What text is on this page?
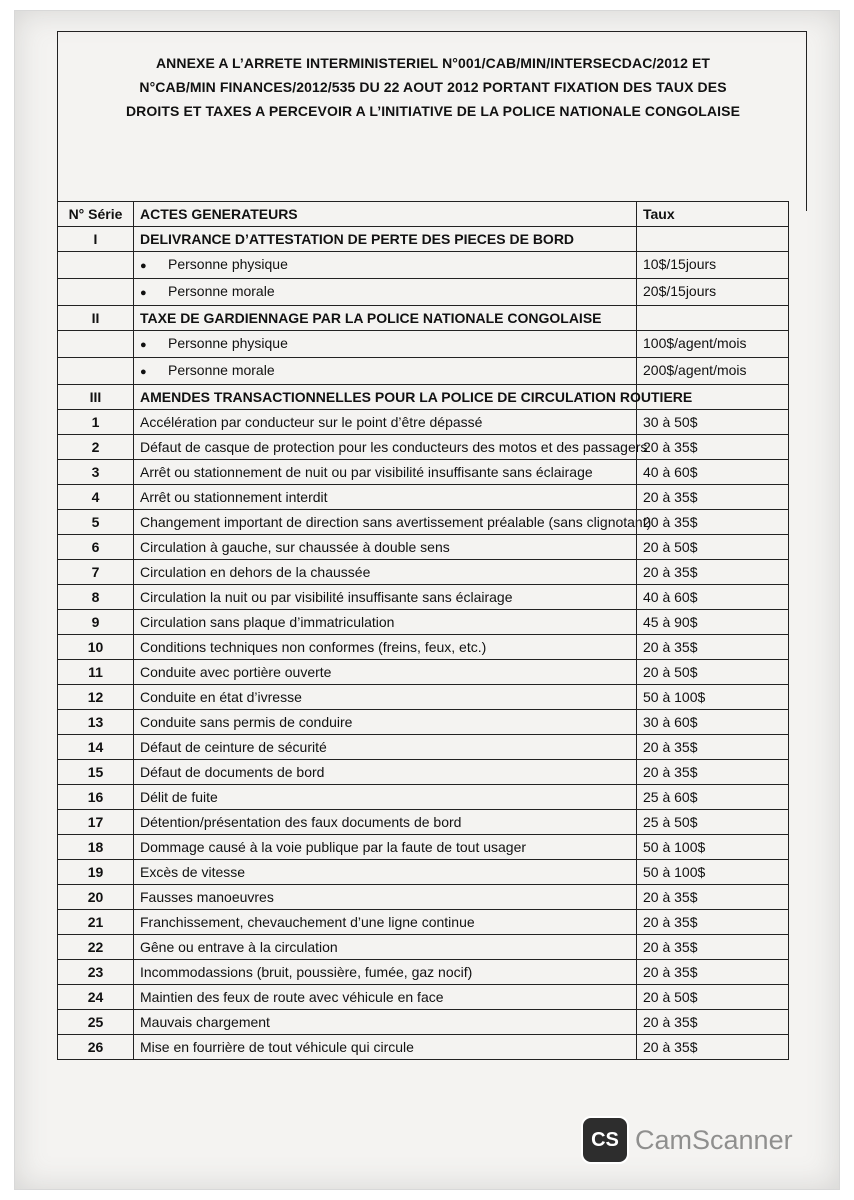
ANNEXE A L’ARRETE INTERMINISTERIEL N°001/CAB/MIN/INTERSECDAC/2012 ET
N°CAB/MIN FINANCES/2012/535 DU 22 AOUT 2012 PORTANT FIXATION DES TAUX DES
DROITS ET TAXES A PERCEVOIR A L’INITIATIVE DE LA POLICE NATIONALE CONGOLAISE
N° Série	ACTES GENERATEURS	Taux
I	DELIVRANCE D’ATTESTATION DE PERTE DES PIECES DE BORD	
	● Personne physique	10$/15jours
	● Personne morale	20$/15jours
II	TAXE DE GARDIENNAGE PAR LA POLICE NATIONALE CONGOLAISE	
	● Personne physique	100$/agent/mois
	● Personne morale	200$/agent/mois
III	AMENDES TRANSACTIONNELLES POUR LA POLICE DE CIRCULATION ROUTIERE	
1	Accélération par conducteur sur le point d’être dépassé	30 à 50$
2	Défaut de casque de protection pour les conducteurs des motos et des passagers	20 à 35$
3	Arrêt ou stationnement de nuit ou par visibilité insuffisante sans éclairage	40 à 60$
4	Arrêt ou stationnement interdit	20 à 35$
5	Changement important de direction sans avertissement préalable (sans clignotant)	20 à 35$
6	Circulation à gauche, sur chaussée à double sens	20 à 50$
7	Circulation en dehors de la chaussée	20 à 35$
8	Circulation la nuit ou par visibilité insuffisante sans éclairage	40 à 60$
9	Circulation sans plaque d’immatriculation	45 à 90$
10	Conditions techniques non conformes (freins, feux, etc.)	20 à 35$
11	Conduite avec portière ouverte	20 à 50$
12	Conduite en état d’ivresse	50 à 100$
13	Conduite sans permis de conduire	30 à 60$
14	Défaut de ceinture de sécurité	20 à 35$
15	Défaut de documents de bord	20 à 35$
16	Délit de fuite	25 à 60$
17	Détention/présentation des faux documents de bord	25 à 50$
18	Dommage causé à la voie publique par la faute de tout usager	50 à 100$
19	Excès de vitesse	50 à 100$
20	Fausses manoeuvres	20 à 35$
21	Franchissement, chevauchement d’une ligne continue	20 à 35$
22	Gêne ou entrave à la circulation	20 à 35$
23	Incommodassions (bruit, poussière, fumée, gaz nocif)	20 à 35$
24	Maintien des feux de route avec véhicule en face	20 à 50$
25	Mauvais chargement	20 à 35$
26	Mise en fourrière de tout véhicule qui circule	20 à 35$
CS CamScanner
